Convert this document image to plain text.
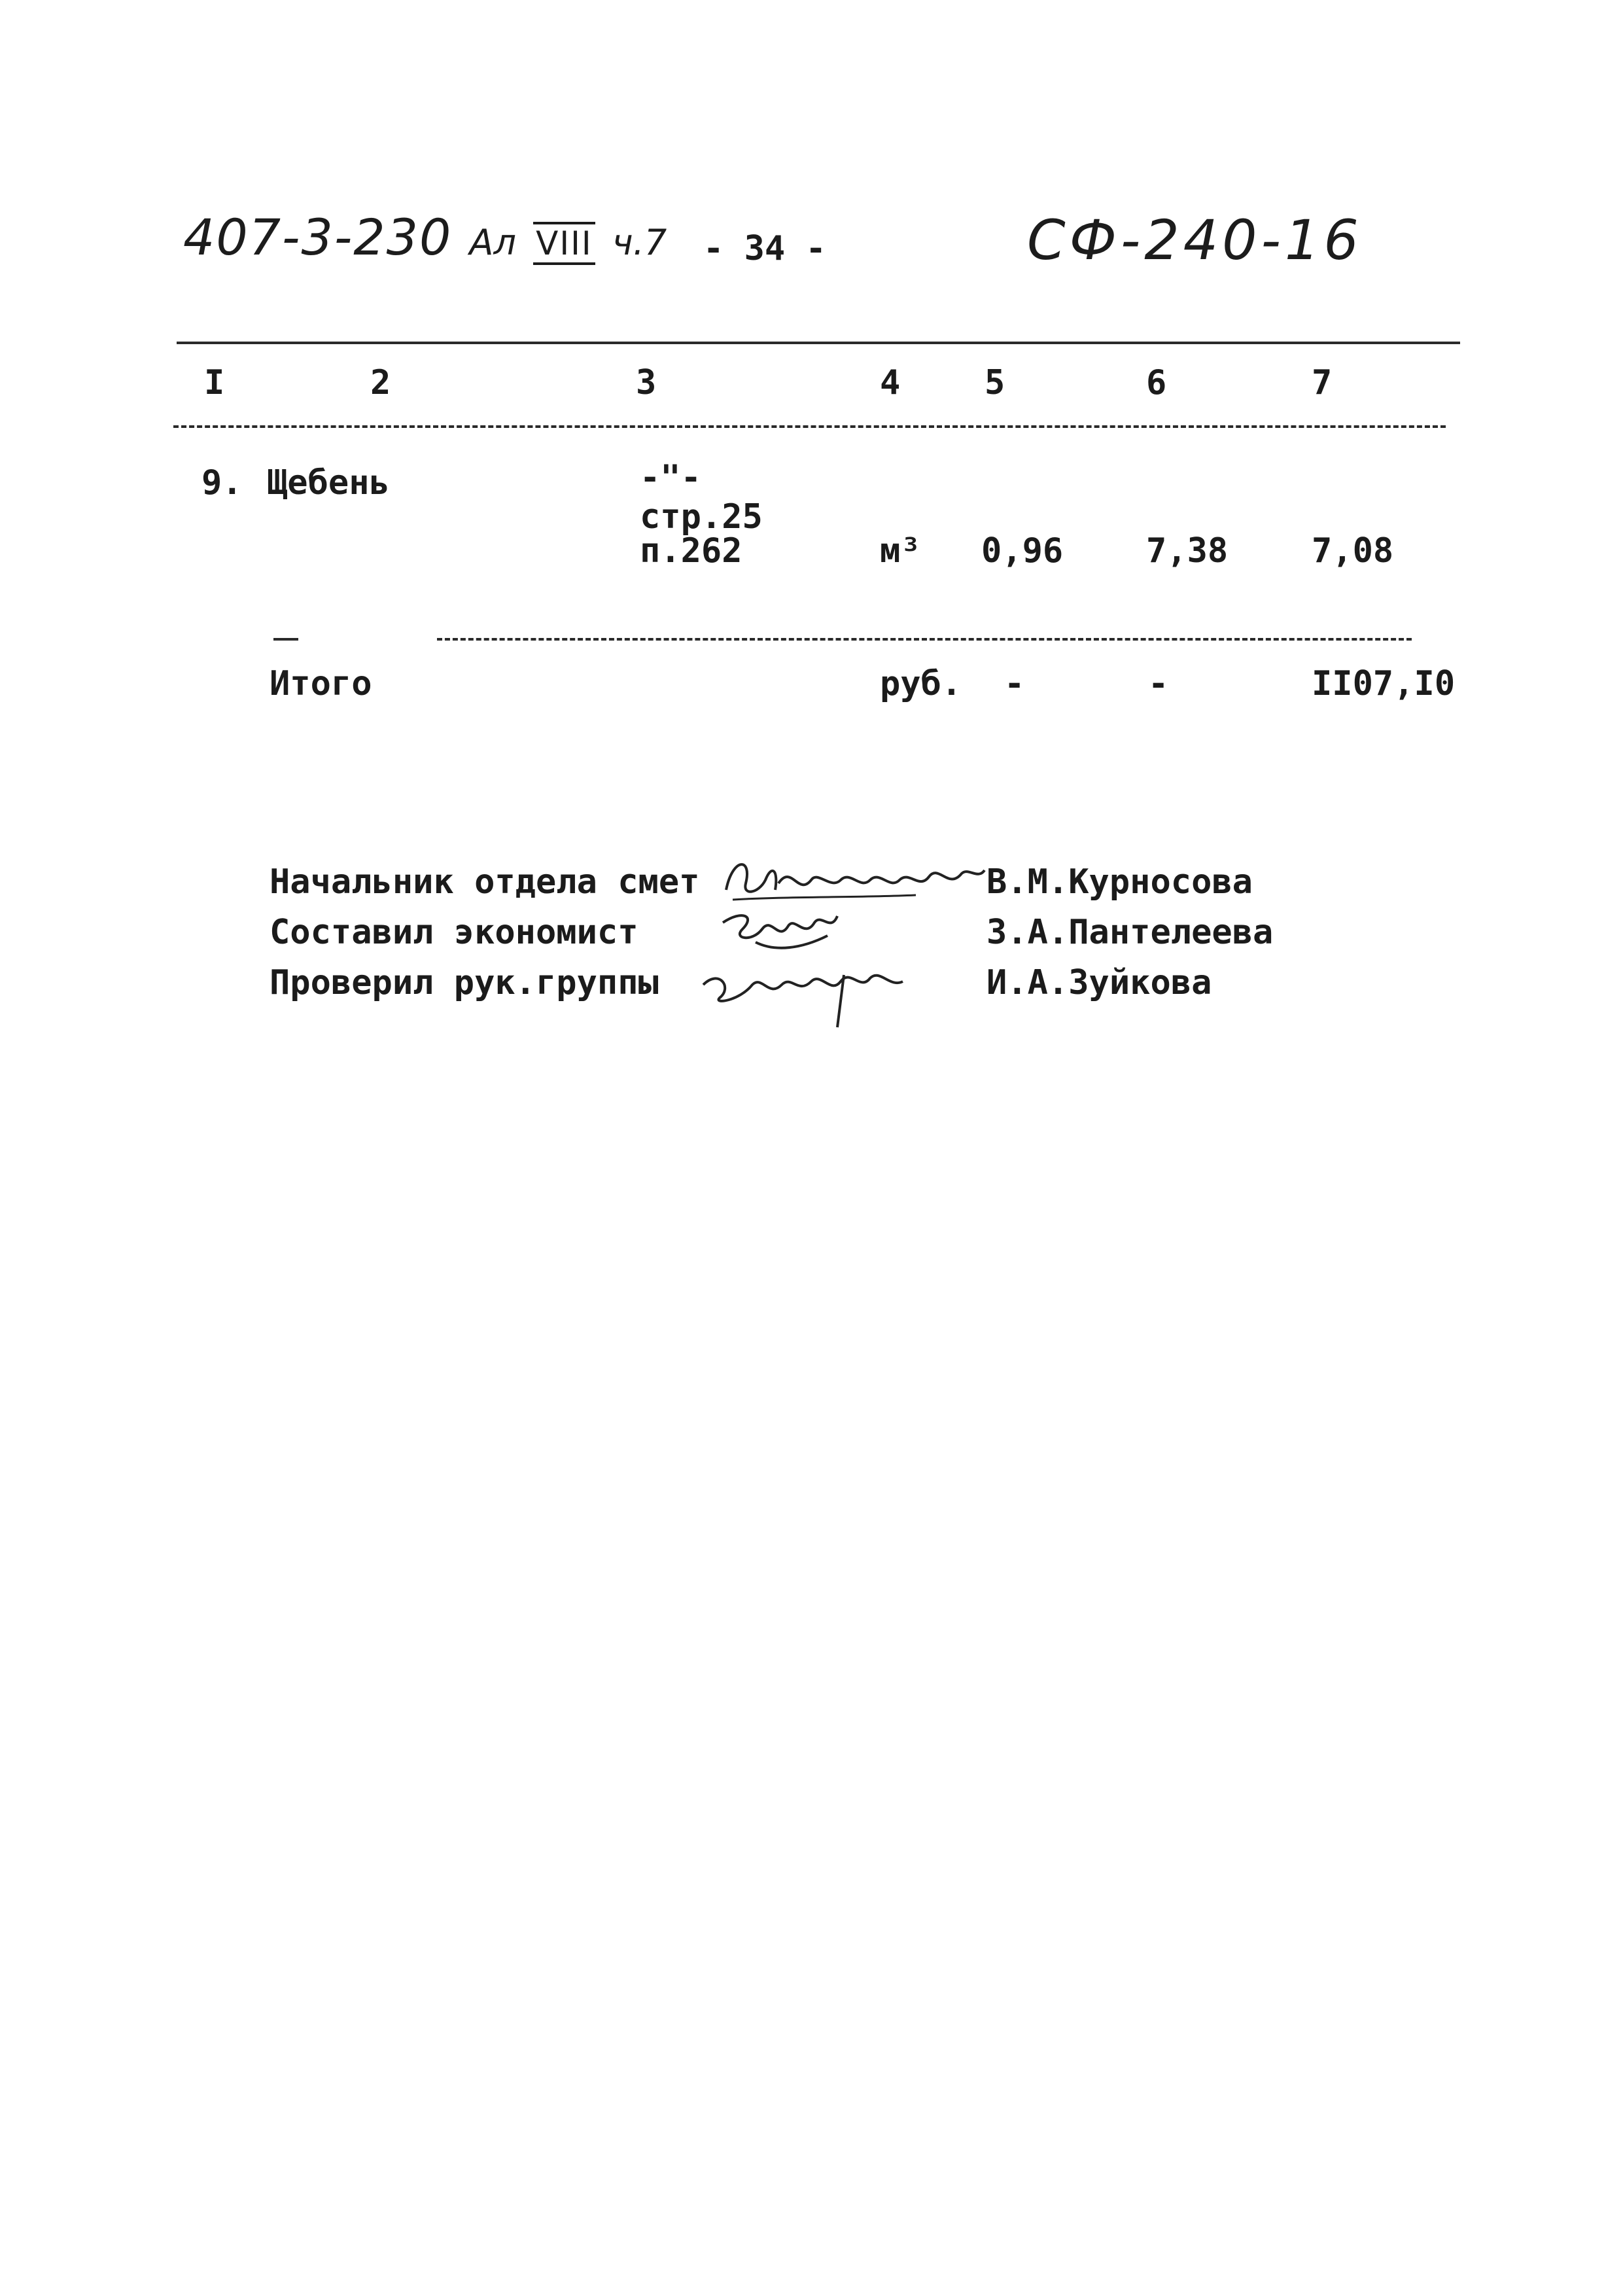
407-3-230 Ал VIII ч.7 - 34 -	СФ-240-16
I	2	3	4 5	6	7
9. Щебень	-"-
стр.25
п.262	м³ 0,96 7,38 7,08
Итого	руб. -	-	II07,I0
Начальник отдела смет	В.М.Курносова
Составил экономист	З.А.Пантелеева
Проверил рук.группы	И.А.Зуйкова
